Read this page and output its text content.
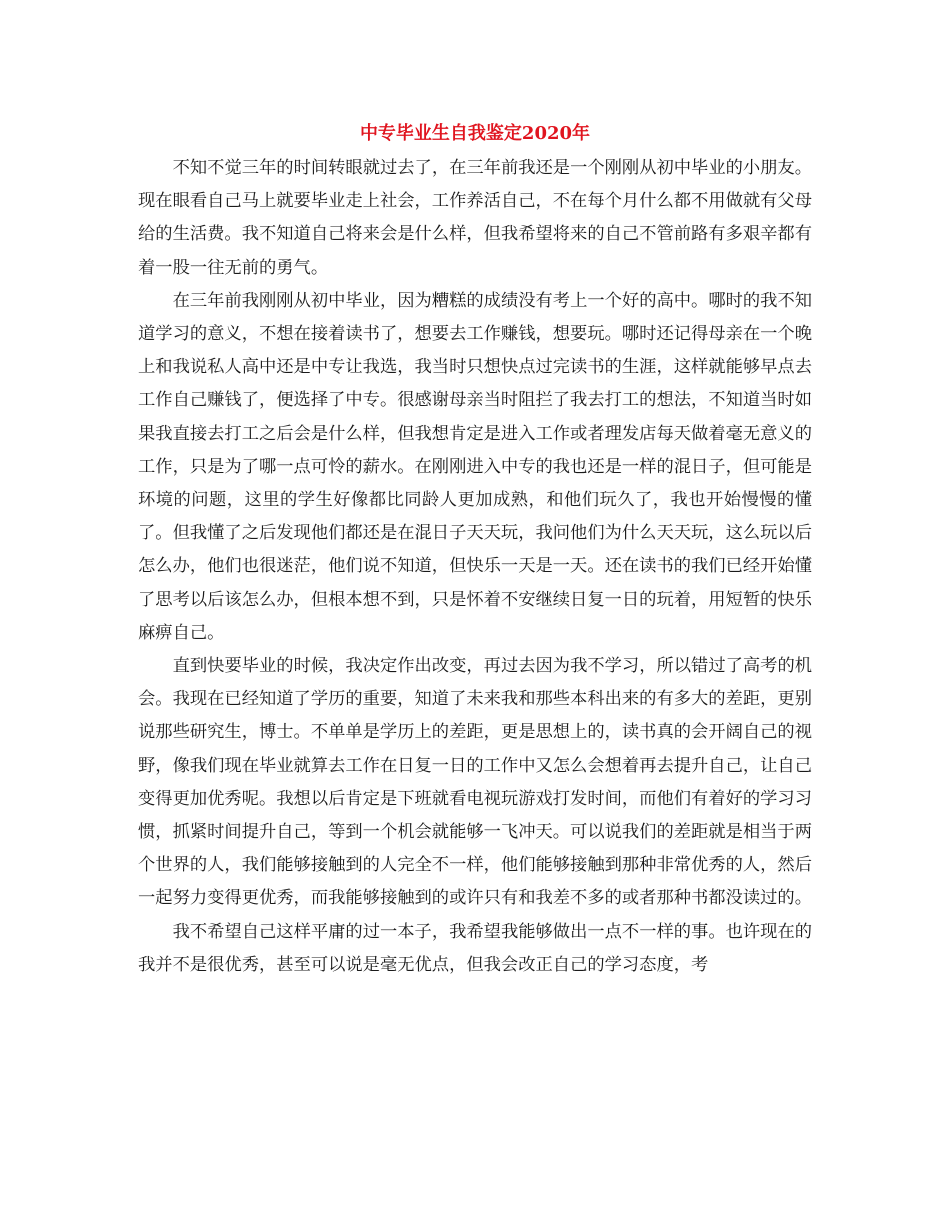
中专毕业生自我鉴定2020年

不知不觉三年的时间转眼就过去了，在三年前我还是一个刚刚从初中毕业的小朋友。现在眼看自己马上就要毕业走上社会，工作养活自己，不在每个月什么都不用做就有父母给的生活费。我不知道自己将来会是什么样，但我希望将来的自己不管前路有多艰辛都有着一股一往无前的勇气。

在三年前我刚刚从初中毕业，因为糟糕的成绩没有考上一个好的高中。哪时的我不知道学习的意义，不想在接着读书了，想要去工作赚钱，想要玩。哪时还记得母亲在一个晚上和我说私人高中还是中专让我选，我当时只想快点过完读书的生涯，这样就能够早点去工作自己赚钱了，便选择了中专。很感谢母亲当时阻拦了我去打工的想法，不知道当时如果我直接去打工之后会是什么样，但我想肯定是进入工作或者理发店每天做着毫无意义的工作，只是为了哪一点可怜的薪水。在刚刚进入中专的我也还是一样的混日子，但可能是环境的问题，这里的学生好像都比同龄人更加成熟，和他们玩久了，我也开始慢慢的懂了。但我懂了之后发现他们都还是在混日子天天玩，我问他们为什么天天玩，这么玩以后怎么办，他们也很迷茫，他们说不知道，但快乐一天是一天。还在读书的我们已经开始懂了思考以后该怎么办，但根本想不到，只是怀着不安继续日复一日的玩着，用短暂的快乐麻痹自己。

直到快要毕业的时候，我决定作出改变，再过去因为我不学习，所以错过了高考的机会。我现在已经知道了学历的重要，知道了未来我和那些本科出来的有多大的差距，更别说那些研究生，博士。不单单是学历上的差距，更是思想上的，读书真的会开阔自己的视野，像我们现在毕业就算去工作在日复一日的工作中又怎么会想着再去提升自己，让自己变得更加优秀呢。我想以后肯定是下班就看电视玩游戏打发时间，而他们有着好的学习习惯，抓紧时间提升自己，等到一个机会就能够一飞冲天。可以说我们的差距就是相当于两个世界的人，我们能够接触到的人完全不一样，他们能够接触到那种非常优秀的人，然后一起努力变得更优秀，而我能够接触到的或许只有和我差不多的或者那种书都没读过的。

我不希望自己这样平庸的过一本子，我希望我能够做出一点不一样的事。也许现在的我并不是很优秀，甚至可以说是毫无优点，但我会改正自己的学习态度，考
